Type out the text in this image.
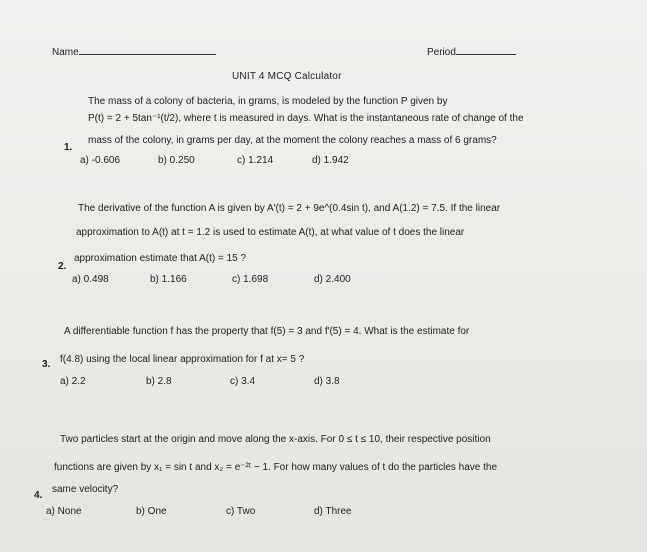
Name	Period
UNIT 4 MCQ Calculator
The mass of a colony of bacteria, in grams, is modeled by the function P given by
P(t) = 2 + 5tan⁻¹(t/2), where t is measured in days. What is the instantaneous rate of change of the
mass of the colony, in grams per day, at the moment the colony reaches a mass of 6 grams?
1.
a) -0.606	b) 0.250	c) 1.214	d) 1.942
The derivative of the function A is given by A′(t) = 2 + 9e^(0.4sin t), and A(1.2) = 7.5. If the linear
approximation to A(t) at t = 1.2 is used to estimate A(t), at what value of t does the linear
2.
approximation estimate that A(t) = 15 ?
a) 0.498	b) 1.166	c) 1.698	d) 2.400
A differentiable function f has the property that f(5) = 3 and f′(5) = 4. What is the estimate for
3. f(4.8) using the local linear approximation for f at x= 5 ?
a) 2.2	b) 2.8	c) 3.4	d) 3.8
Two particles start at the origin and move along the x-axis. For 0 ≤ t ≤ 10, their respective position
functions are given by x₁ = sin t and x₂ = e⁻²ᵗ − 1. For how many values of t do the particles have the
4.
same velocity?
a) None	b) One	c) Two	d) Three
